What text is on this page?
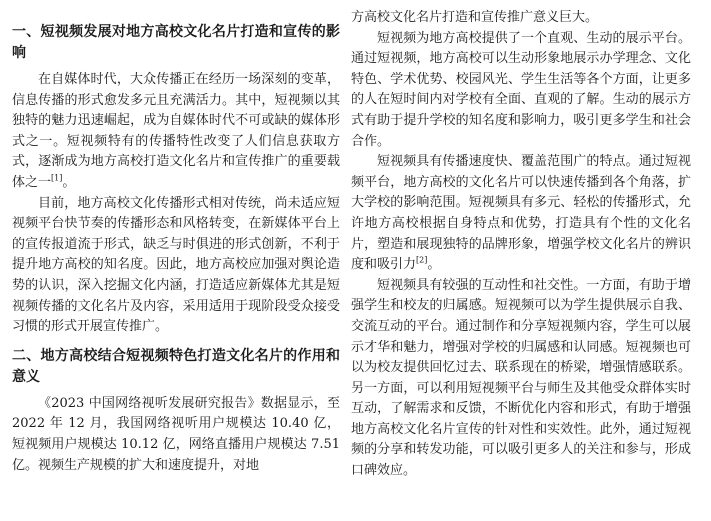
一、短视频发展对地方高校文化名片打造和宣传的影响

在自媒体时代，大众传播正在经历一场深刻的变革，信息传播的形式愈发多元且充满活力。其中，短视频以其独特的魅力迅速崛起，成为自媒体时代不可或缺的媒体形式之一。短视频特有的传播特性改变了人们信息获取方式，逐渐成为地方高校打造文化名片和宣传推广的重要载体之一[1]。

目前，地方高校文化传播形式相对传统，尚未适应短视频平台快节奏的传播形态和风格转变，在新媒体平台上的宣传报道流于形式，缺乏与时俱进的形式创新，不利于提升地方高校的知名度。因此，地方高校应加强对舆论造势的认识，深入挖掘文化内涵，打造适应新媒体尤其是短视频传播的文化名片及内容，采用适用于现阶段受众接受习惯的形式开展宣传推广。

二、地方高校结合短视频特色打造文化名片的作用和意义

《2023 中国网络视听发展研究报告》数据显示，至 2022 年 12 月，我国网络视听用户规模达 10.40 亿，短视频用户规模达 10.12 亿，网络直播用户规模达 7.51 亿。视频生产规模的扩大和速度提升，对地

方高校文化名片打造和宣传推广意义巨大。

短视频为地方高校提供了一个直观、生动的展示平台。通过短视频，地方高校可以生动形象地展示办学理念、文化特色、学术优势、校园风光、学生生活等各个方面，让更多的人在短时间内对学校有全面、直观的了解。生动的展示方式有助于提升学校的知名度和影响力，吸引更多学生和社会合作。

短视频具有传播速度快、覆盖范围广的特点。通过短视频平台，地方高校的文化名片可以快速传播到各个角落，扩大学校的影响范围。短视频具有多元、轻松的传播形式，允许地方高校根据自身特点和优势，打造具有个性的文化名片，塑造和展现独特的品牌形象，增强学校文化名片的辨识度和吸引力[2]。

短视频具有较强的互动性和社交性。一方面，有助于增强学生和校友的归属感。短视频可以为学生提供展示自我、交流互动的平台。通过制作和分享短视频内容，学生可以展示才华和魅力，增强对学校的归属感和认同感。短视频也可以为校友提供回忆过去、联系现在的桥梁，增强情感联系。另一方面，可以利用短视频平台与师生及其他受众群体实时互动，了解需求和反馈，不断优化内容和形式，有助于增强地方高校文化名片宣传的针对性和实效性。此外，通过短视频的分享和转发功能，可以吸引更多人的关注和参与，形成口碑效应。
